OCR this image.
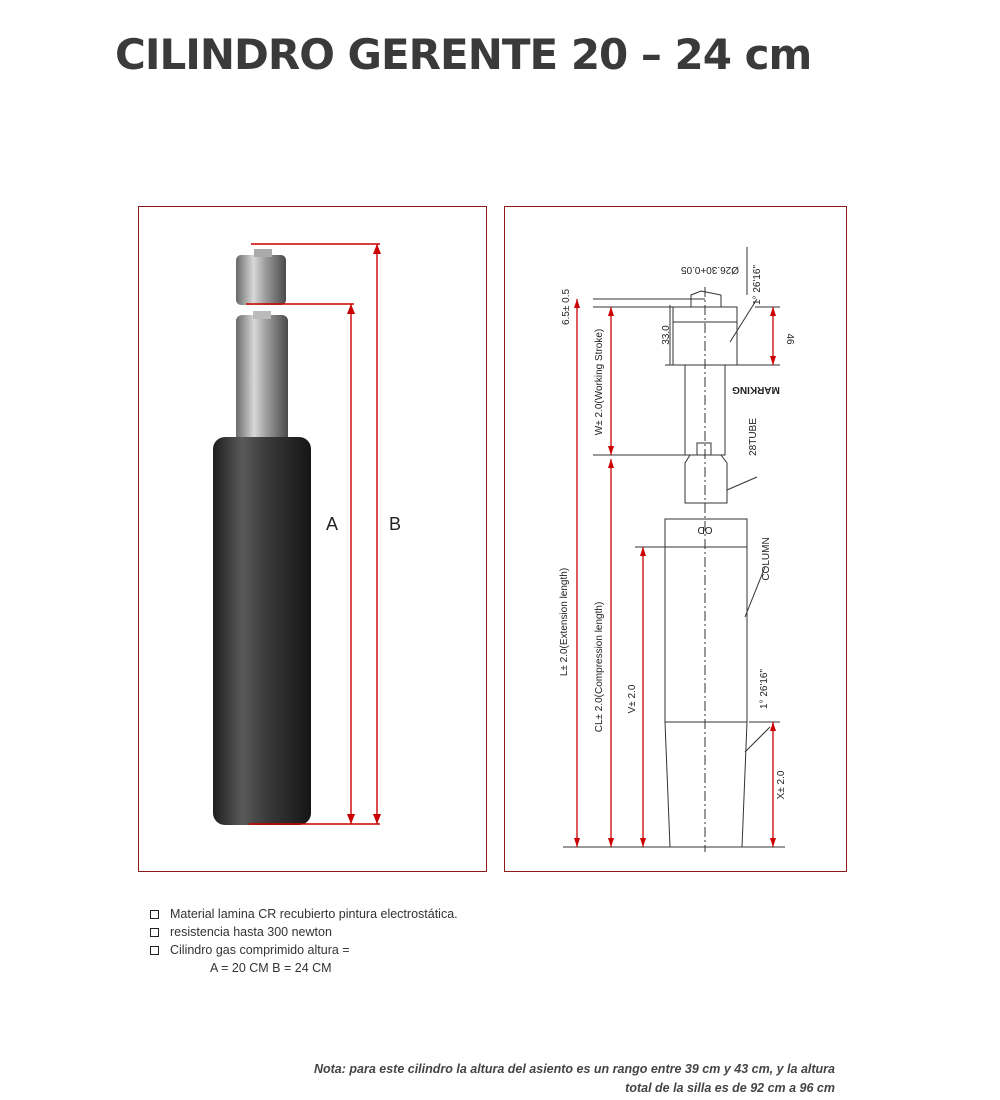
CILINDRO GERENTE 20 – 24 cm
A	B
Ø26.30+0.05 1° 26'16"
6.5± 0.5
33.0	46
W± 2.0(Working Stroke)	MARKING
28TUBE
OD
L± 2.0(Extension length) CL± 2.0(Compression length)
COLUMN
V± 2.0	1° 26'16"
X± 2.0
Material lamina CR recubierto pintura electrostática.
resistencia hasta 300 newton
Cilindro gas comprimido altura =
A = 20 CM B = 24 CM
Nota: para este cilindro la altura del asiento es un rango entre 39 cm y 43 cm, y la altura
total de la silla es de 92 cm a 96 cm
